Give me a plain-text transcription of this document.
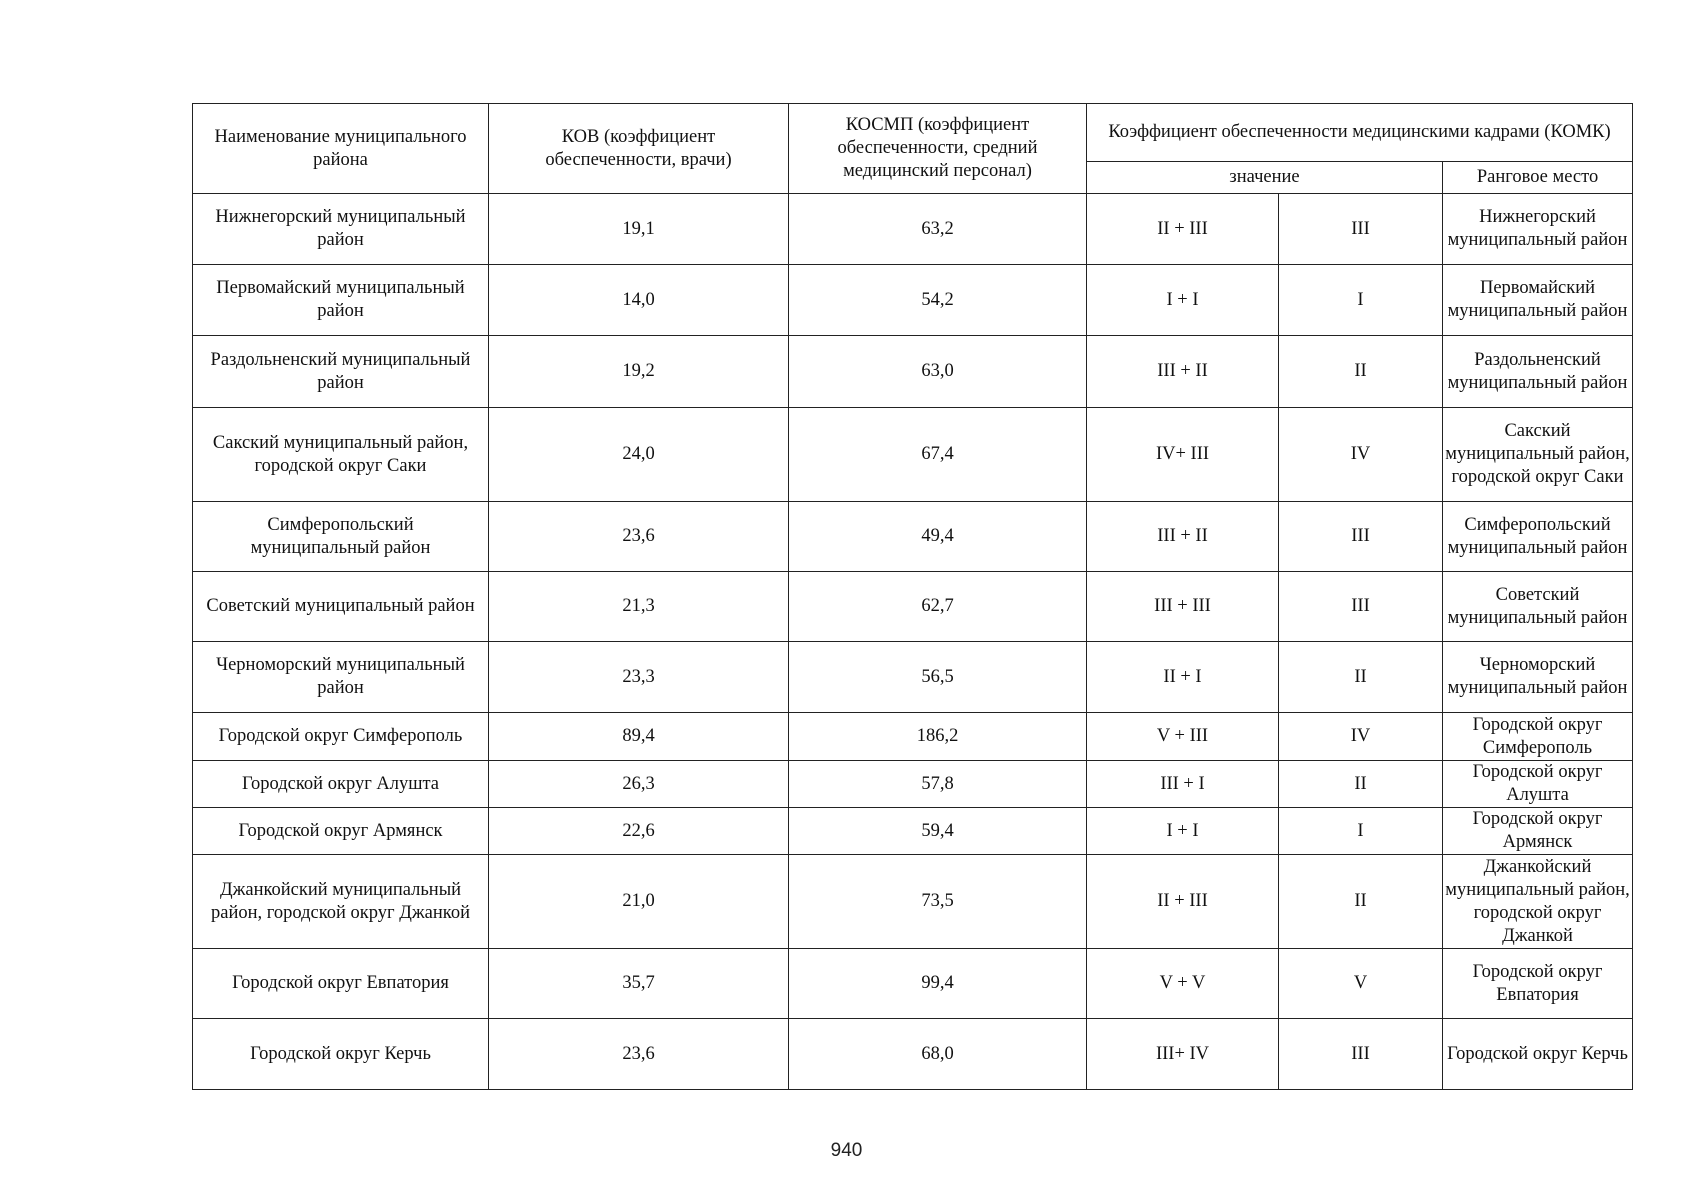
Наименование муниципального района	КОВ (коэффициент обеспеченности, врачи)	КОСМП (коэффициент обеспеченности, средний медицинский персонал)	Коэффициент обеспеченности медицинскими кадрами (КОМК)		
			значение		Ранговое место
Нижнегорский муниципальный район	19,1	63,2	II + III	III	Нижнегорский муниципальный район
Первомайский муниципальный район	14,0	54,2	I + I	I	Первомайский муниципальный район
Раздольненский муниципальный район	19,2	63,0	III + II	II	Раздольненский муниципальный район
Сакский муниципальный район, городской округ Саки	24,0	67,4	IV+ III	IV	Сакский муниципальный район, городской округ Саки
Симферопольский муниципальный район	23,6	49,4	III + II	III	Симферопольский муниципальный район
Советский муниципальный район	21,3	62,7	III + III	III	Советский муниципальный район
Черноморский муниципальный район	23,3	56,5	II + I	II	Черноморский муниципальный район
Городской округ Симферополь	89,4	186,2	V + III	IV	Городской округ Симферополь
Городской округ Алушта	26,3	57,8	III + I	II	Городской округ Алушта
Городской округ Армянск	22,6	59,4	I + I	I	Городской округ Армянск
Джанкойский муниципальный район, городской округ Джанкой	21,0	73,5	II + III	II	Джанкойский муниципальный район, городской округ Джанкой
Городской округ Евпатория	35,7	99,4	V + V	V	Городской округ Евпатория
Городской округ Керчь	23,6	68,0	III+ IV	III	Городской округ Керчь
940
